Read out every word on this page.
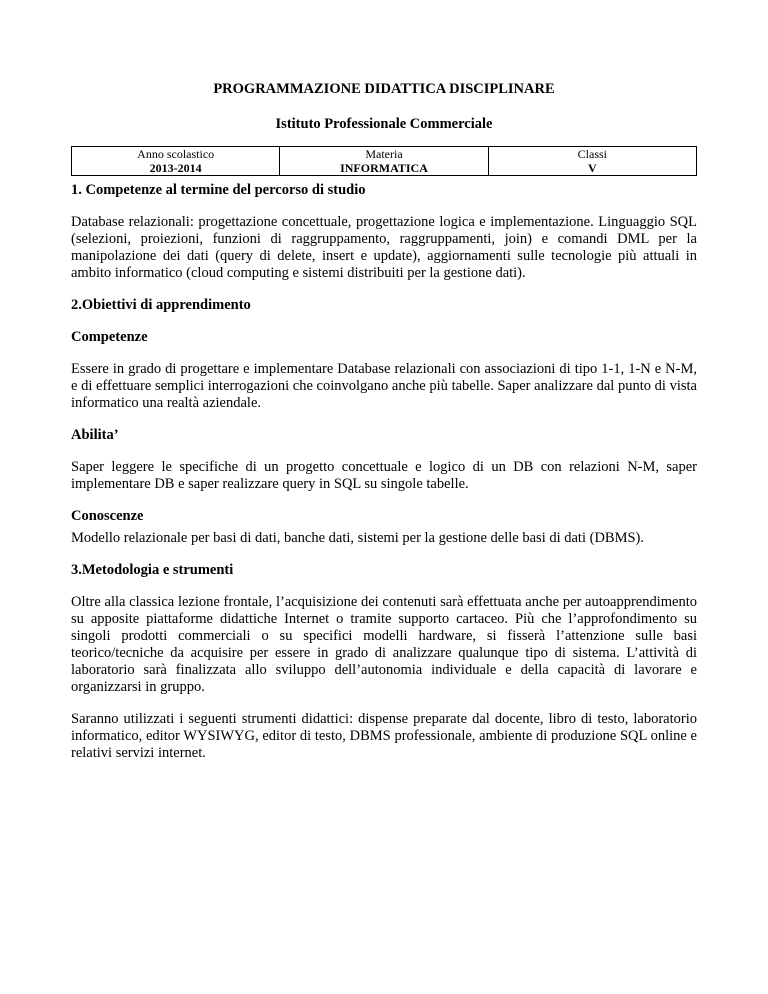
PROGRAMMAZIONE DIDATTICA DISCIPLINARE
Istituto Professionale Commerciale
Anno scolastico	Materia	Classi
2013-2014	INFORMATICA	V
1. Competenze al termine del percorso di studio

Database relazionali: progettazione concettuale, progettazione logica e implementazione. Linguaggio SQL (selezioni, proiezioni, funzioni di raggruppamento, raggruppamenti, join) e comandi DML per la manipolazione dei dati (query di delete, insert e update), aggiornamenti sulle tecnologie più attuali in ambito informatico (cloud computing e sistemi distribuiti per la gestione dati).

2.Obiettivi di apprendimento
Competenze

Essere in grado di progettare e implementare Database relazionali con associazioni di tipo 1-1, 1-N e N-M, e di effettuare semplici interrogazioni che coinvolgano anche più tabelle. Saper analizzare dal punto di vista informatico una realtà aziendale.

Abilita’

Saper leggere le specifiche di un progetto concettuale e logico di un DB con relazioni N-M, saper implementare DB e saper realizzare query in SQL su singole tabelle.

Conoscenze

Modello relazionale per basi di dati, banche dati, sistemi per la gestione delle basi di dati (DBMS).

3.Metodologia e strumenti

Oltre alla classica lezione frontale, l’acquisizione dei contenuti sarà effettuata anche per autoapprendimento su apposite piattaforme didattiche Internet o tramite supporto cartaceo. Più che l’approfondimento su singoli prodotti commerciali o su specifici modelli hardware, si fisserà l’attenzione sulle basi teorico/tecniche da acquisire per essere in grado di analizzare qualunque tipo di sistema. L’attività di laboratorio sarà finalizzata allo sviluppo dell’autonomia individuale e della capacità di lavorare e organizzarsi in gruppo.

Saranno utilizzati i seguenti strumenti didattici: dispense preparate dal docente, libro di testo, laboratorio informatico, editor WYSIWYG, editor di testo, DBMS professionale, ambiente di produzione SQL online e relativi servizi internet.
